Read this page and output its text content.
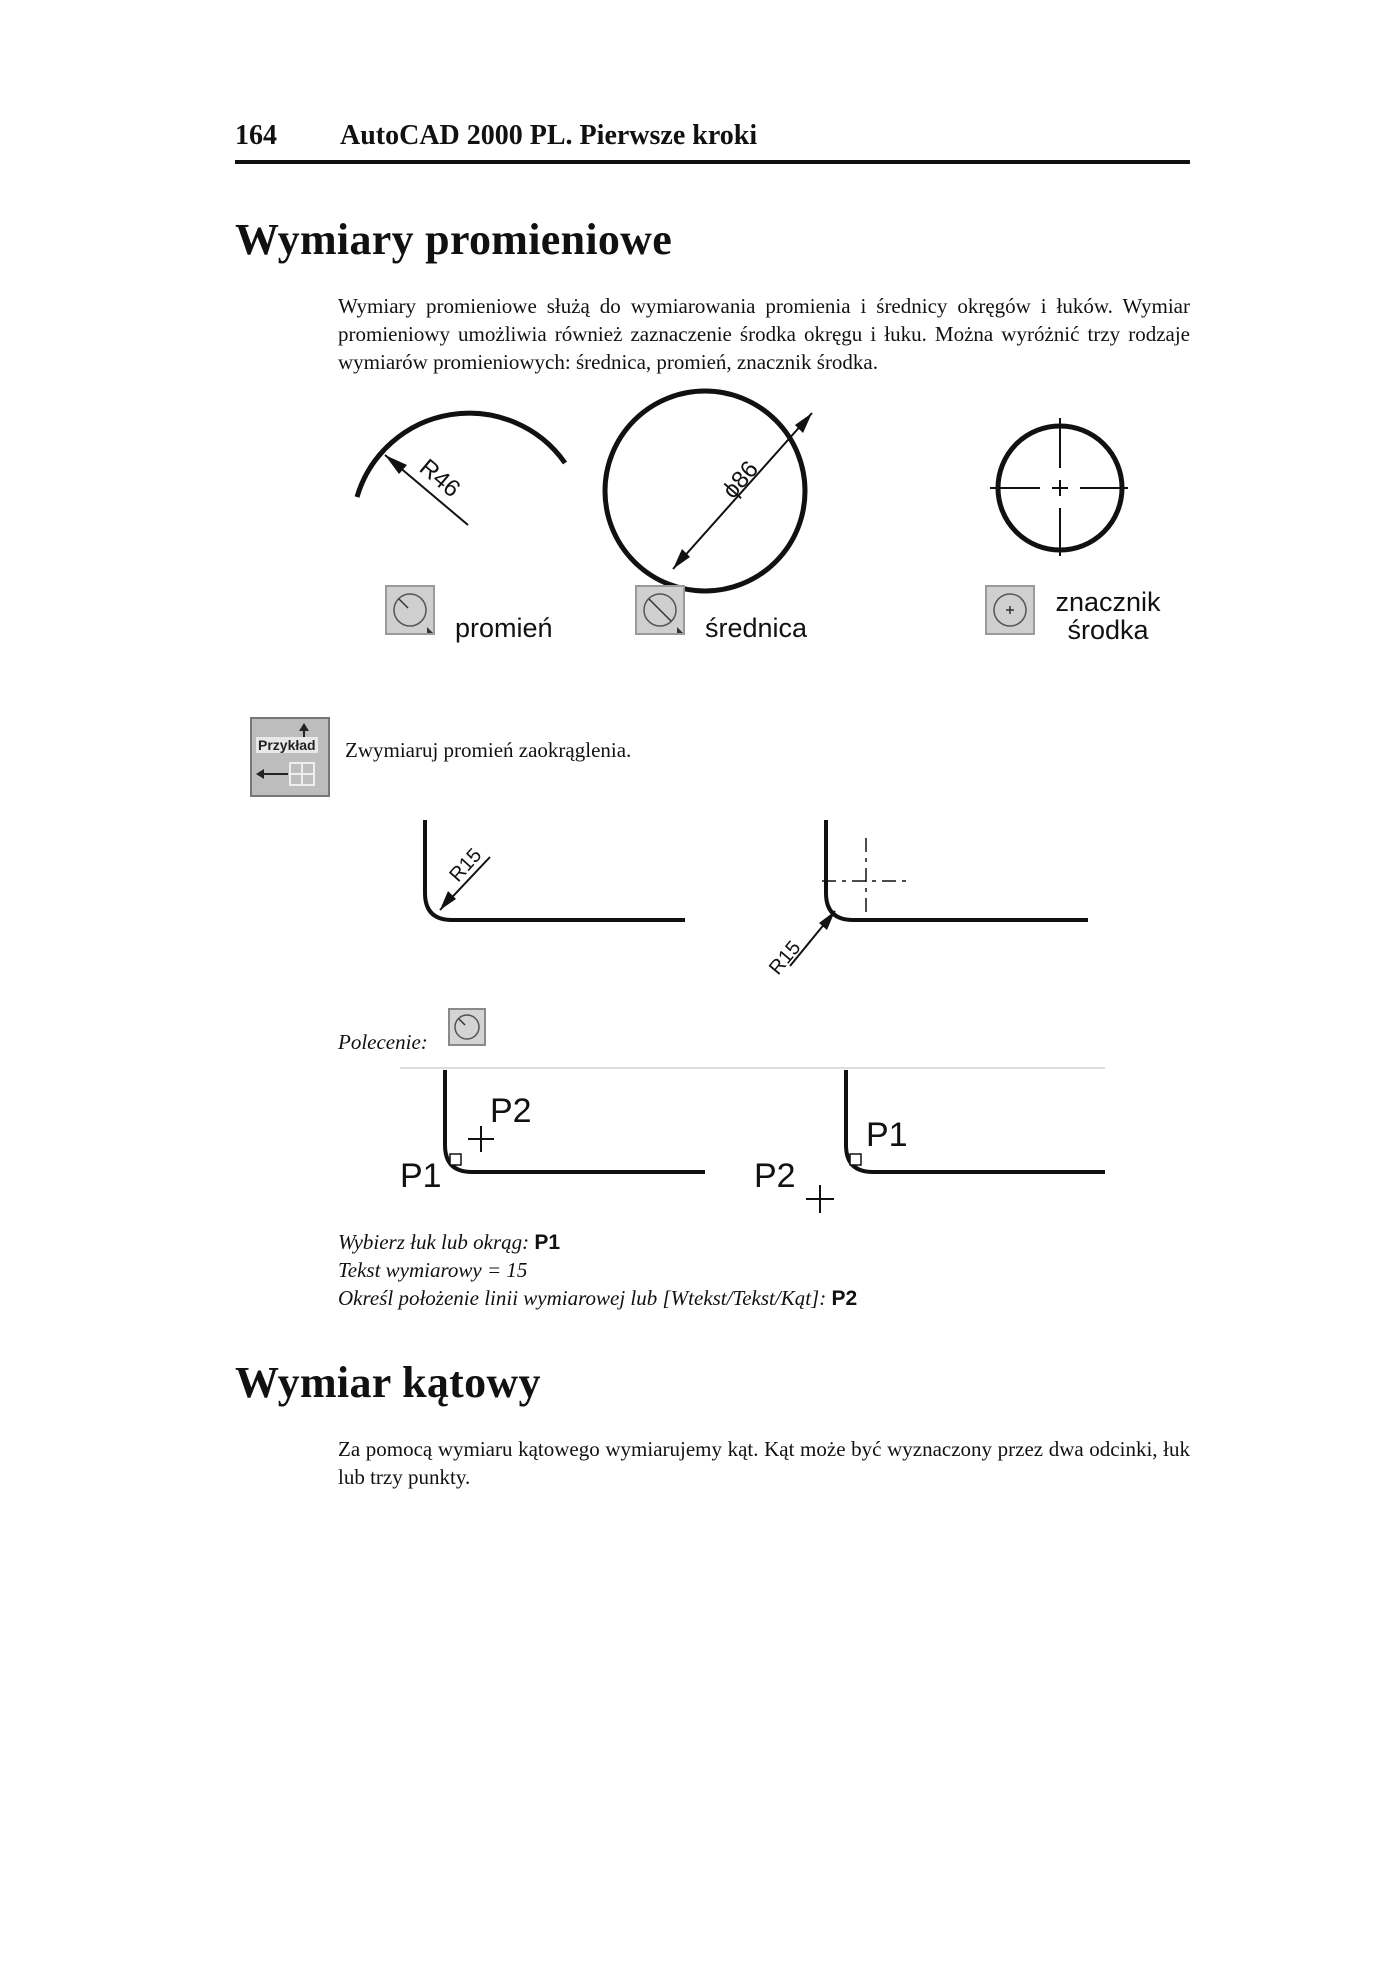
164 AutoCAD 2000 PL. Pierwsze kroki
Wymiary promieniowe
Wymiary promieniowe służą do wymiarowania promienia i średnicy okręgów i łuków. Wymiar promieniowy umożliwia również zaznaczenie środka okręgu i łuku. Można wyróżnić trzy rodzaje wymiarów promieniowych: średnica, promień, znacznik środka.
R46	ϕ86
promień	średnica
znacznik
środka
Przykład Zwymiaruj promień zaokrąglenia.
R15
R15
Polecenie:
P1
P2
P1
P2
Wybierz łuk lub okrąg: P1
Tekst wymiarowy = 15
Określ położenie linii wymiarowej lub [Wtekst/Tekst/Kąt]: P2
Wymiar kątowy
Za pomocą wymiaru kątowego wymiarujemy kąt. Kąt może być wyznaczony przez dwa odcinki, łuk lub trzy punkty.
